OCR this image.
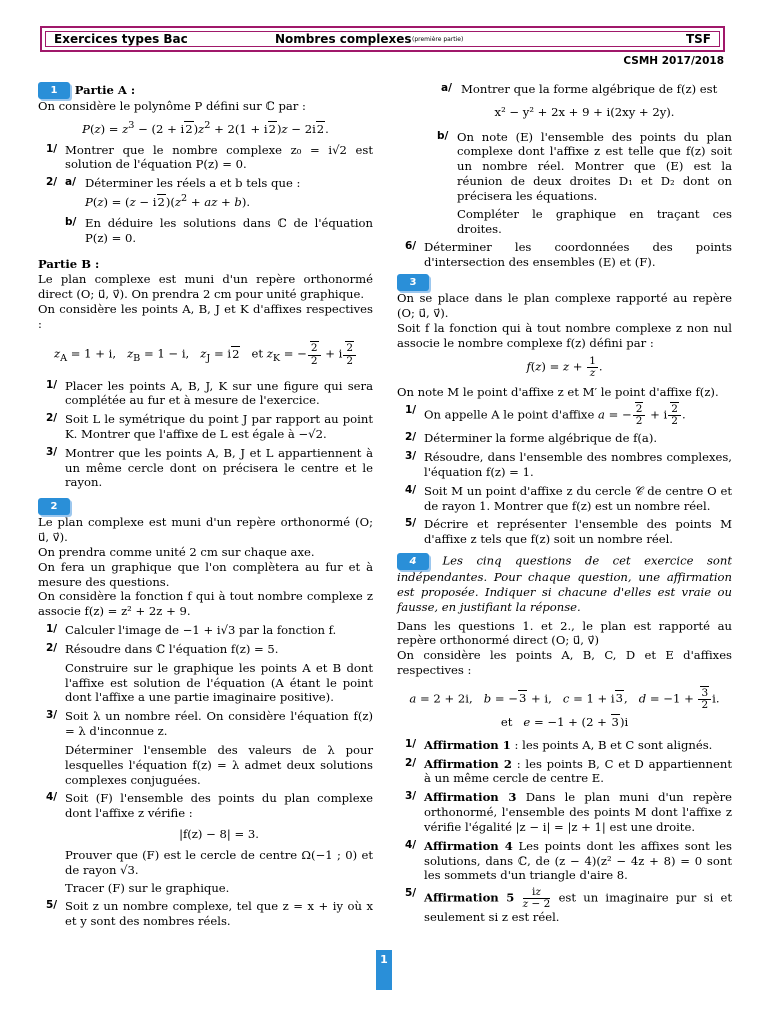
Exercices types Bac	Nombres complexes (première partie)	TSF
CSMH 2017/2018
1 Partie A :

On considère le polynôme P défini sur ℂ par :

$P(z) = z^3 - (2 + i2)z^2 + 2(1 + i2)z - 2i2$.
1/ Montrer que le nombre complexe z₀ = i√2 est solution de l'équation P(z) = 0.
2/ a/ Déterminer les réels a et b tels que :
$P(z) = (z - i2)(z^2$ + az + b).
b/ En déduire les solutions dans ℂ de l'équation P(z) = 0.
Partie B :

Le plan complexe est muni d'un repère orthonormé direct (O; u⃗, v⃗). On prendra 2 cm pour unité graphique.

On considère les points A, B, J et K d'affixes respectives :

$z_A = 1 + i$,   $z_B = 1 - i$,   $z_J = i2$   et $z_K$ = − $\frac{2}{2} + i \frac{2}{2}$
1/ Placer les points A, B, J, K sur une figure qui sera complétée au fur et à mesure de l'exercice.
2/ Soit L le symétrique du point J par rapport au point K. Montrer que l'affixe de L est égale à −√2.
3/ Montrer que les points A, B, J et L appartiennent à un même cercle dont on précisera le centre et le rayon.
2

Le plan complexe est muni d'un repère orthonormé (O; u⃗, v⃗).

On prendra comme unité 2 cm sur chaque axe.

On fera un graphique que l'on complètera au fur et à mesure des questions.

On considère la fonction f qui à tout nombre complexe z associe f(z) = z² + 2z + 9.

1/ Calculer l'image de −1 + i√3 par la fonction f.
2/ Résoudre dans ℂ l'équation f(z) = 5.
Construire sur le graphique les points A et B dont l'affixe est solution de l'équation (A étant le point dont l'affixe a une partie imaginaire positive).
3/ Soit λ un nombre réel. On considère l'équation f(z) = λ d'inconnue z.
Déterminer l'ensemble des valeurs de λ pour lesquelles l'équation f(z) = λ admet deux solutions complexes conjuguées.
4/ Soit (F) l'ensemble des points du plan complexe dont l'affixe z vérifie :
|f(z) − 8| = 3.
Prouver que (F) est le cercle de centre Ω(−1 ; 0) et de rayon √3.
Tracer (F) sur le graphique.
5/ Soit z un nombre complexe, tel que z = x + iy où x et y sont des nombres réels.
a/ Montrer que la forme algébrique de f(z) est
x² − y² + 2x + 9 + i(2xy + 2y).
b/ On note (E) l'ensemble des points du plan complexe dont l'affixe z est telle que f(z) soit un nombre réel. Montrer que (E) est la réunion de deux droites D₁ et D₂ dont on précisera les équations.
Compléter le graphique en traçant ces droites.
6/ Déterminer les coordonnées des points d'intersection des ensembles (E) et (F).
3

On se place dans le plan complexe rapporté au repère (O; u⃗, v⃗).

Soit f la fonction qui à tout nombre complexe z non nul associe le nombre complexe f(z) défini par :

$f(z) = z + \frac{1}{z}$ .

On note M le point d'affixe z et M′ le point d'affixe f(z).

1/ On appelle A le point d'affixe a = − $\frac{2}{2} + i \frac{2}{2}$ .
2/ Déterminer la forme algébrique de f(a).
3/ Résoudre, dans l'ensemble des nombres complexes, l'équation f(z) = 1.
4/ Soit M un point d'affixe z du cercle 𝒞 de centre O et de rayon 1. Montrer que f(z) est un nombre réel.
5/ Décrire et représenter l'ensemble des points M d'affixe z tels que f(z) soit un nombre réel.

4 Les cinq questions de cet exercice sont indépendantes. Pour chaque question, une affirmation est proposée. Indiquer si chacune d'elles est vraie ou fausse, en justifiant la réponse.

Dans les questions 1. et 2., le plan est rapporté au repère orthonormé direct (O; u⃗, v⃗)

On considère les points A, B, C, D et E d'affixes respectives :

a = 2 + 2i,   b = −3 + i,   c = 1 + i3,   $d = -1 + \frac{3}{2} i$.
et e = −1 + (2 + 3)i
1/ Affirmation 1 : les points A, B et C sont alignés.
2/ Affirmation 2 : les points B, C et D appartiennent à un même cercle de centre E.
3/ Affirmation 3 Dans le plan muni d'un repère orthonormé, l'ensemble des points M dont l'affixe z vérifie l'égalité |z − i| = |z + 1| est une droite.
4/ Affirmation 4 Les points dont les affixes sont les solutions, dans ℂ, de (z − 4)(z² − 4z + 8) = 0 sont les sommets d'un triangle d'aire 8.
5/ Affirmation $5 \frac{iz}{z - 2}$ est un imaginaire pur si et seulement si z est réel.
1
